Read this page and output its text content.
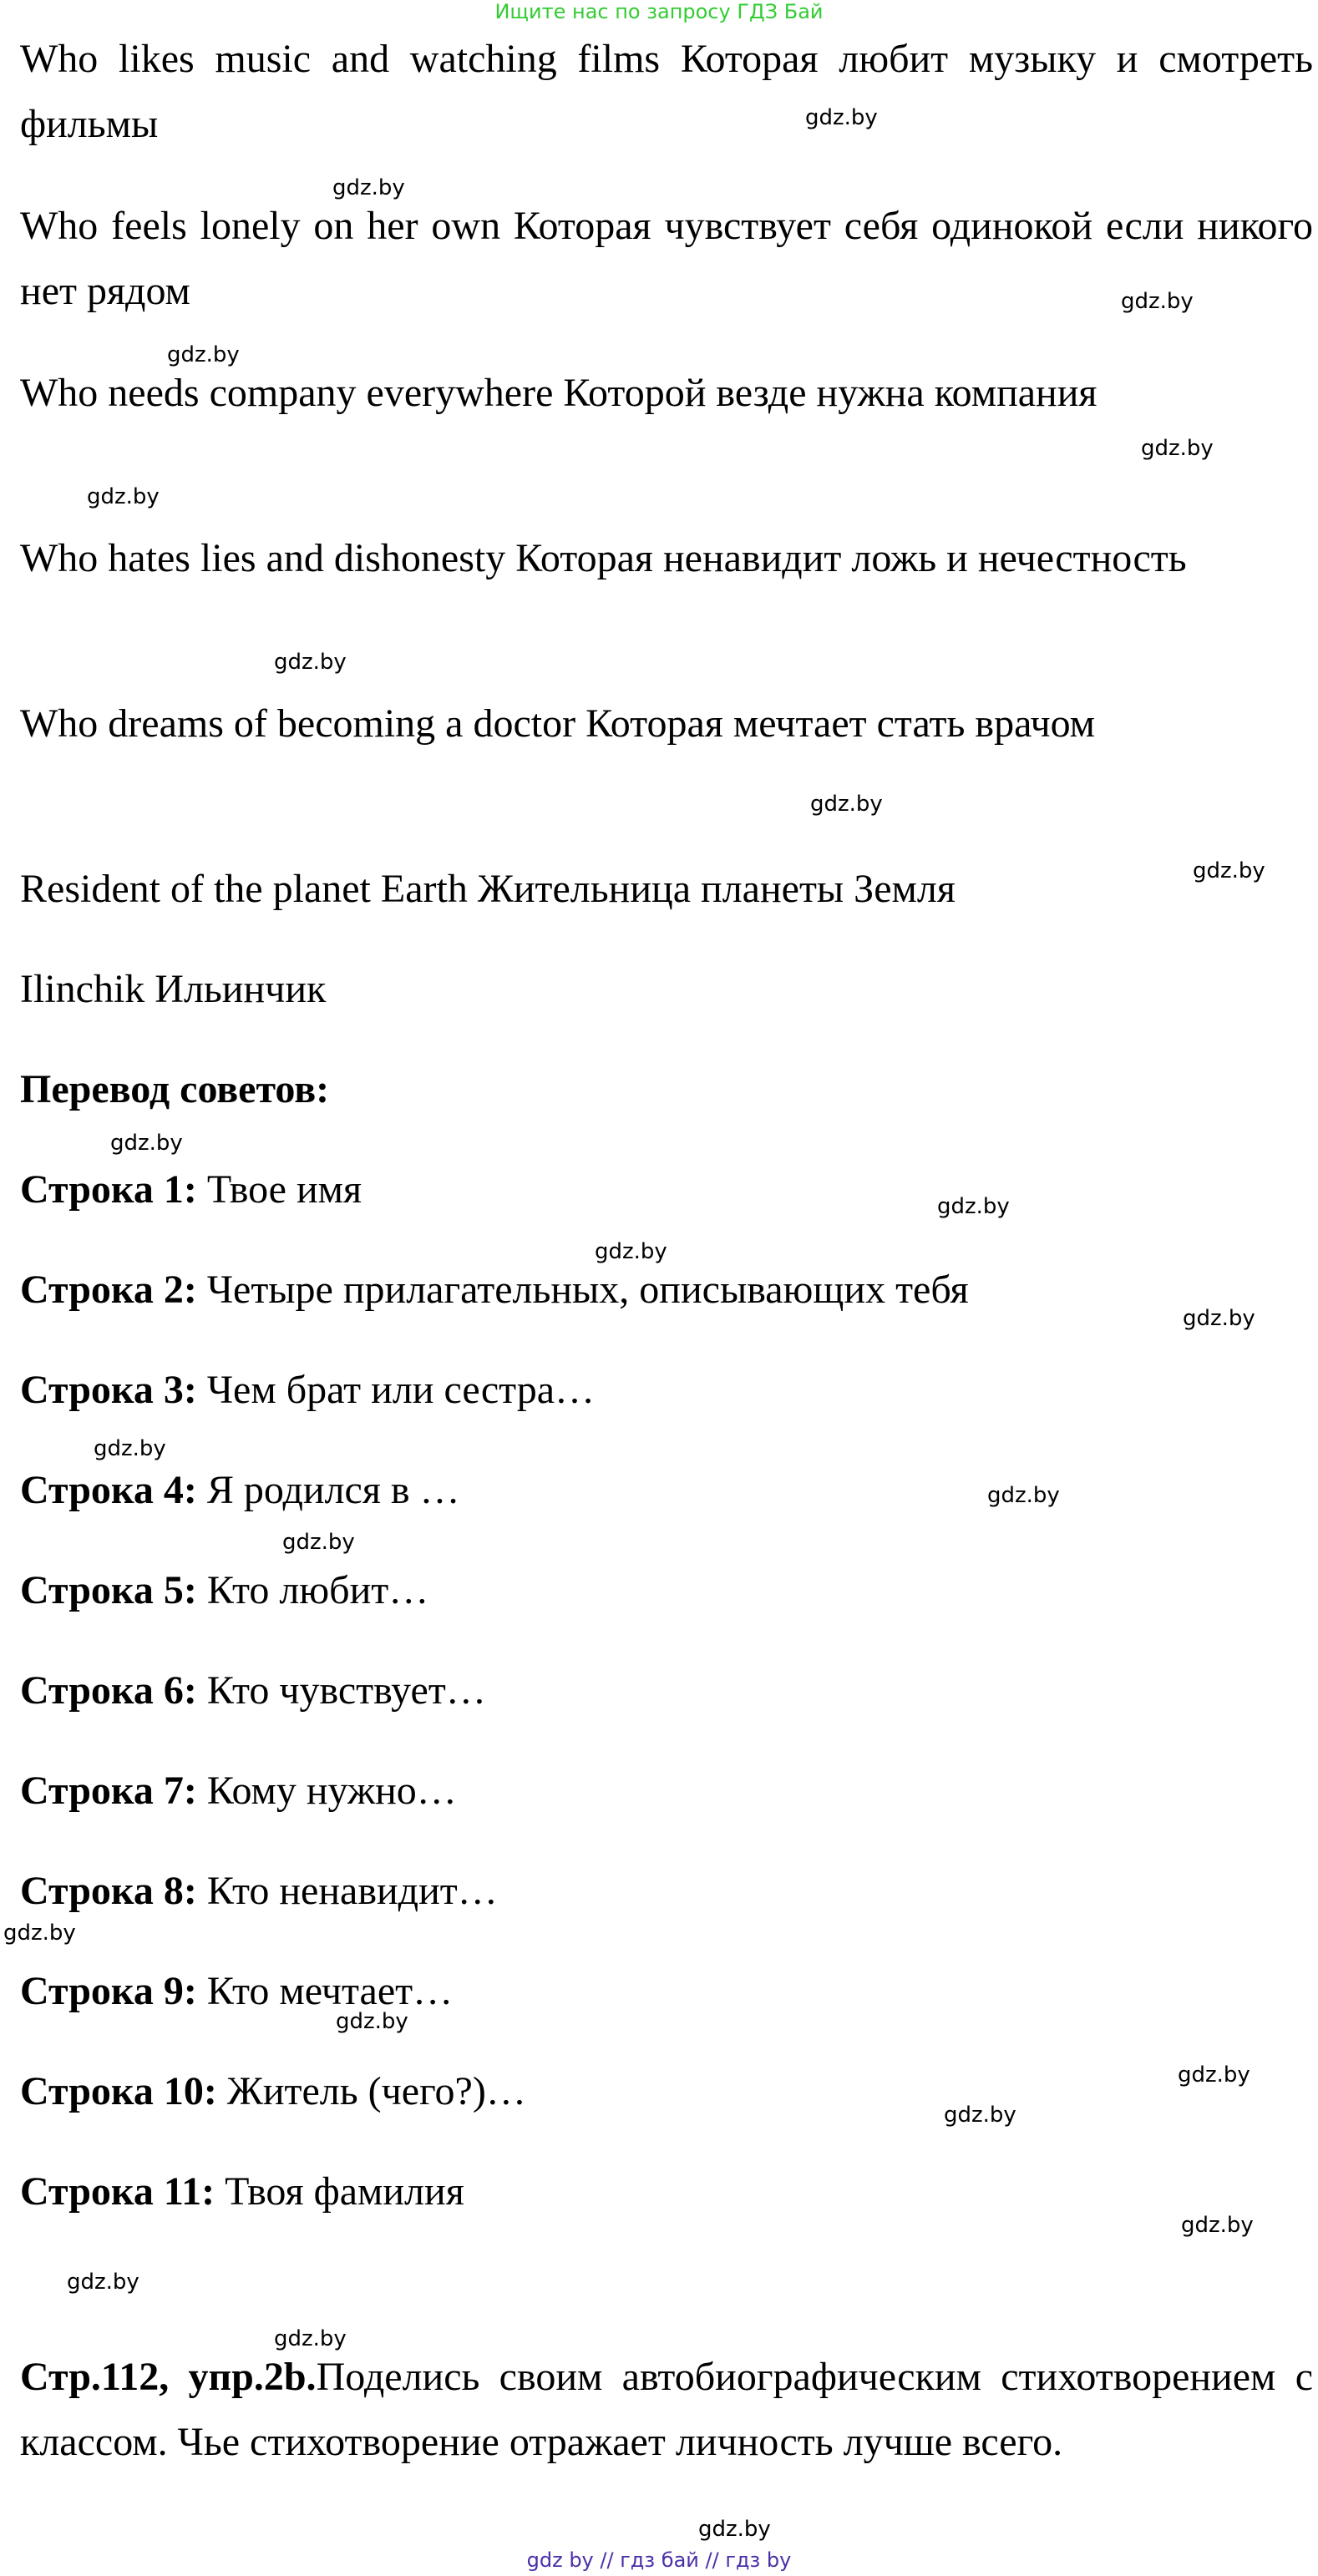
Ищите нас по запросу ГДЗ Бай
Who likes music and watching films Которая любит музыку и смотреть фильмы
Who feels lonely on her own Которая чувствует себя одинокой если никого нет рядом
Who needs company everywhere Которой везде нужна компания
Who hates lies and dishonesty Которая ненавидит ложь и нечестность
Who dreams of becoming a doctor Которая мечтает стать врачом
Resident of the planet Earth Жительница планеты Земля
Ilinchik Ильинчик
Перевод советов:
Строка 1: Твое имя
Строка 2: Четыре прилагательных, описывающих тебя
Строка 3: Чем брат или сестра…
Строка 4: Я родился в …
Строка 5: Кто любит…
Строка 6: Кто чувствует…
Строка 7: Кому нужно…
Строка 8: Кто ненавидит…
Строка 9: Кто мечтает…
Строка 10: Житель (чего?)…
Строка 11: Твоя фамилия
Стр.112, упр.2b.Поделись своим автобиографическим стихотворением с классом. Чье стихотворение отражает личность лучше всего.
gdz.by
gdz.by
gdz.by
gdz.by
gdz.by
gdz.by
gdz.by
gdz.by
gdz.by
gdz.by
gdz.by
gdz.by
gdz.by
gdz.by
gdz.by
gdz.by
gdz.by
gdz.by
gdz.by
gdz.by
gdz.by
gdz.by
gdz.by
gdz.by
gdz by // гдз бай // гдз by
